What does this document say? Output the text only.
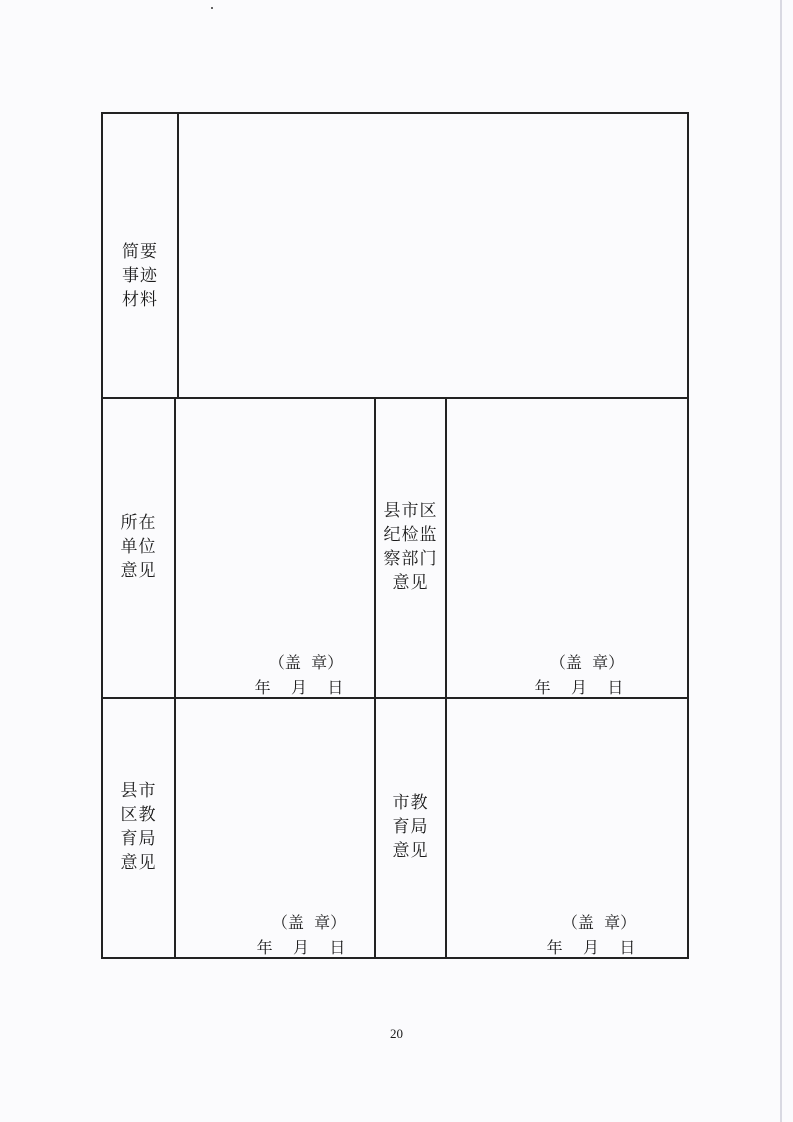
简要
事迹
材料
所在
单位
意见
（盖  章）
年    月    日
县市区
纪检监
察部门
意见
（盖  章）
年    月    日
县市
区教
育局
意见
（盖  章）
年    月    日
市教
育局
意见
（盖  章）
年    月    日
20
